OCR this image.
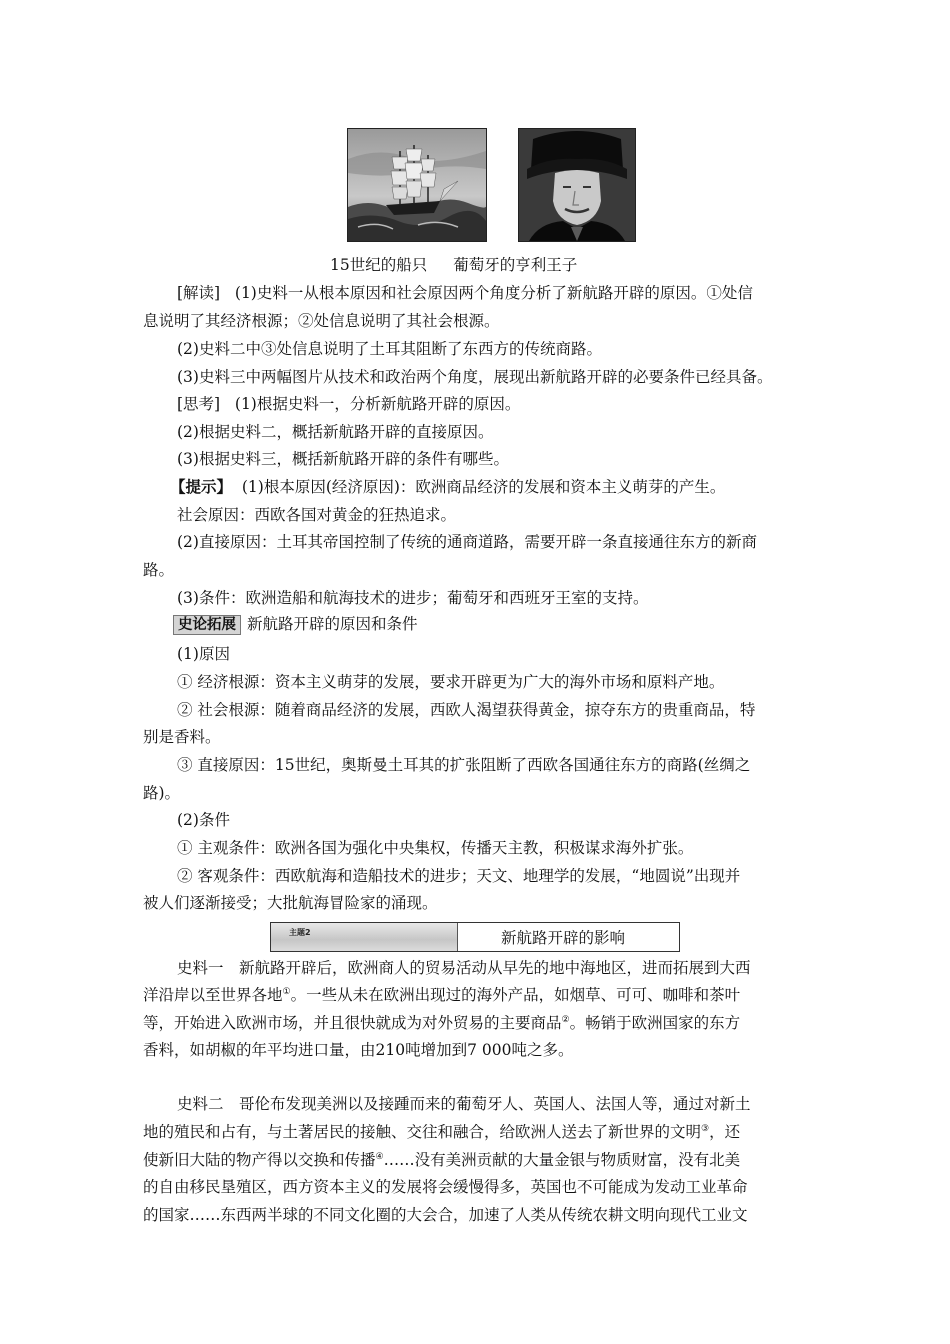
15世纪的船只 葡萄牙的亨利王子
[解读] (1)史料一从根本原因和社会原因两个角度分析了新航路开辟的原因。①处信
息说明了其经济根源；②处信息说明了其社会根源。
(2)史料二中③处信息说明了土耳其阻断了东西方的传统商路。
(3)史料三中两幅图片从技术和政治两个角度，展现出新航路开辟的必要条件已经具备。
[思考] (1)根据史料一，分析新航路开辟的原因。
(2)根据史料二，概括新航路开辟的直接原因。
(3)根据史料三，概括新航路开辟的条件有哪些。
【提示】 (1)根本原因(经济原因)：欧洲商品经济的发展和资本主义萌芽的产生。
社会原因：西欧各国对黄金的狂热追求。
(2)直接原因：土耳其帝国控制了传统的通商道路，需要开辟一条直接通往东方的新商
路。
(3)条件：欧洲造船和航海技术的进步；葡萄牙和西班牙王室的支持。
史论拓展 新航路开辟的原因和条件
(1)原因
① 经济根源：资本主义萌芽的发展，要求开辟更为广大的海外市场和原料产地。
② 社会根源：随着商品经济的发展，西欧人渴望获得黄金，掠夺东方的贵重商品，特
别是香料。
③ 直接原因：15世纪，奥斯曼土耳其的扩张阻断了西欧各国通往东方的商路(丝绸之
路)。
(2)条件
① 主观条件：欧洲各国为强化中央集权，传播天主教，积极谋求海外扩张。
② 客观条件：西欧航海和造船技术的进步；天文、地理学的发展，“地圆说”出现并
被人们逐渐接受；大批航海冒险家的涌现。
主题2	新航路开辟的影响
史料一　新航路开辟后，欧洲商人的贸易活动从早先的地中海地区，进而拓展到大西
洋沿岸以至世界各地①。一些从未在欧洲出现过的海外产品，如烟草、可可、咖啡和茶叶
等，开始进入欧洲市场，并且很快就成为对外贸易的主要商品②。畅销于欧洲国家的东方
香料，如胡椒的年平均进口量，由210吨增加到7 000吨之多。
史料二　哥伦布发现美洲以及接踵而来的葡萄牙人、英国人、法国人等，通过对新土
地的殖民和占有，与土著居民的接触、交往和融合，给欧洲人送去了新世界的文明③，还
使新旧大陆的物产得以交换和传播④……没有美洲贡献的大量金银与物质财富，没有北美
的自由移民垦殖区，西方资本主义的发展将会缓慢得多，英国也不可能成为发动工业革命
的国家……东西两半球的不同文化圈的大会合，加速了人类从传统农耕文明向现代工业文
